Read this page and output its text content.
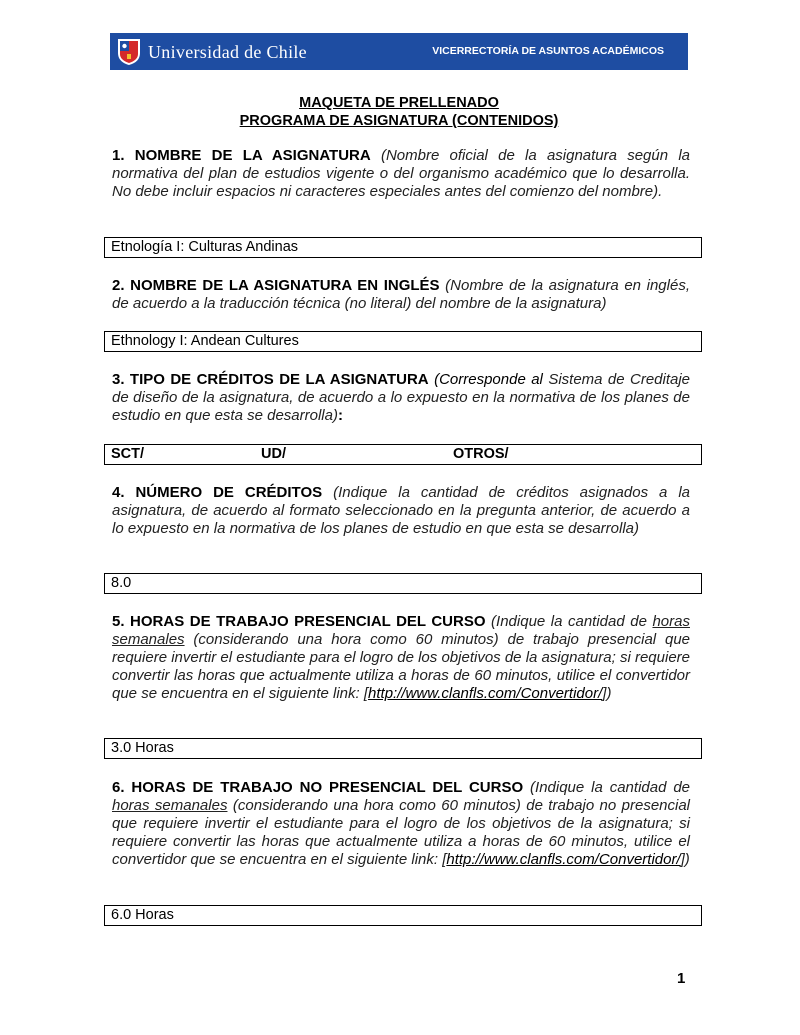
Universidad de Chile	VICERRECTORÍA DE ASUNTOS ACADÉMICOS
MAQUETA DE PRELLENADO
PROGRAMA DE ASIGNATURA (CONTENIDOS)
1. NOMBRE DE LA ASIGNATURA (Nombre oficial de la asignatura según la normativa del plan de estudios vigente o del organismo académico que lo desarrolla. No debe incluir espacios ni caracteres especiales antes del comienzo del nombre).
Etnología I: Culturas Andinas
2. NOMBRE DE LA ASIGNATURA EN INGLÉS (Nombre de la asignatura en inglés, de acuerdo a la traducción técnica (no literal) del nombre de la asignatura)
Ethnology I: Andean Cultures
3. TIPO DE CRÉDITOS DE LA ASIGNATURA (Corresponde al Sistema de Creditaje de diseño de la asignatura, de acuerdo a lo expuesto en la normativa de los planes de estudio en que esta se desarrolla):
SCT/	UD/	OTROS/
4. NÚMERO DE CRÉDITOS (Indique la cantidad de créditos asignados a la asignatura, de acuerdo al formato seleccionado en la pregunta anterior, de acuerdo a lo expuesto en la normativa de los planes de estudio en que esta se desarrolla)
8.0
5. HORAS DE TRABAJO PRESENCIAL DEL CURSO (Indique la cantidad de horas semanales (considerando una hora como 60 minutos) de trabajo presencial que requiere invertir el estudiante para el logro de los objetivos de la asignatura; si requiere convertir las horas que actualmente utiliza a horas de 60 minutos, utilice el convertidor que se encuentra en el siguiente link: [http://www.clanfls.com/Convertidor/])
3.0 Horas
6. HORAS DE TRABAJO NO PRESENCIAL DEL CURSO (Indique la cantidad de horas semanales (considerando una hora como 60 minutos) de trabajo no presencial que requiere invertir el estudiante para el logro de los objetivos de la asignatura; si requiere convertir las horas que actualmente utiliza a horas de 60 minutos, utilice el convertidor que se encuentra en el siguiente link: [http://www.clanfls.com/Convertidor/])
6.0 Horas
1
